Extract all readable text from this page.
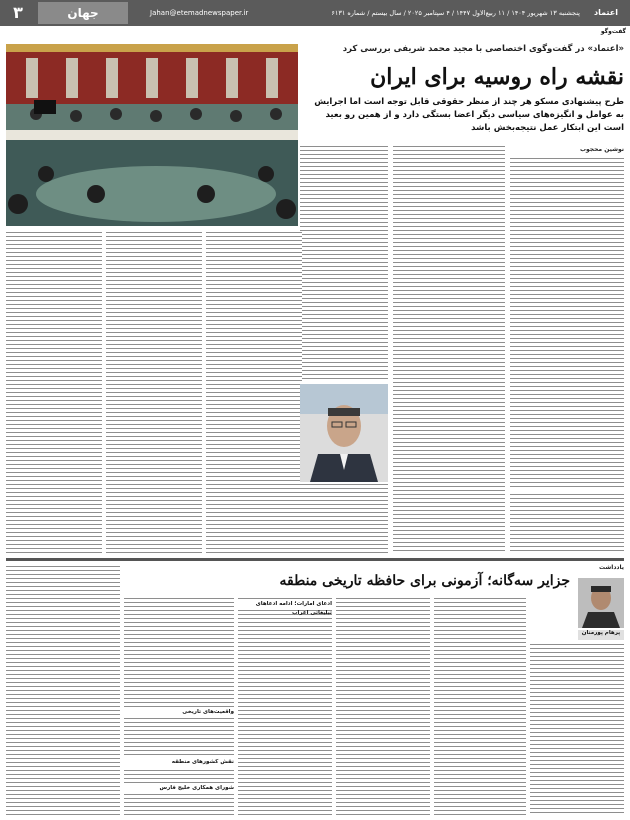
۳	جهان	Jahan@etemadnewspaper.ir	پنجشنبه ۱۳ شهریور ۱۴۰۴ / ۱۱ ربیع‌الاول ۱۴۴۷ / ۴ سپتامبر ۲۰۲۵ / سال بیستم / شماره ۶۱۳۱	اعتماد
گفت‌وگو
«اعتماد» در گفت‌وگوی اختصاصی با مجید محمد شریفی بررسی کرد
نقشه راه روسیه برای ایران
طرح پیشنهادی مسکو هر چند از منظر حقوقی قابل توجه است اما اجرایش به عوامل و انگیزه‌های سیاسی دیگر اعضا بستگی دارد و از همین رو بعید است این ابتکار عمل نتیجه‌بخش باشد
نوشین محجوب
یادداشت
جزایر سه‌گانه؛ آزمونی برای حافظه تاریخی منطقه
پرهام پورمنان
ادعای امارات؛ ادامه ادعاهای تبلیغاتی اعراب
واقعیت‌های تاریخی
نقش کشورهای منطقه
شورای همکاری خلیج فارس
